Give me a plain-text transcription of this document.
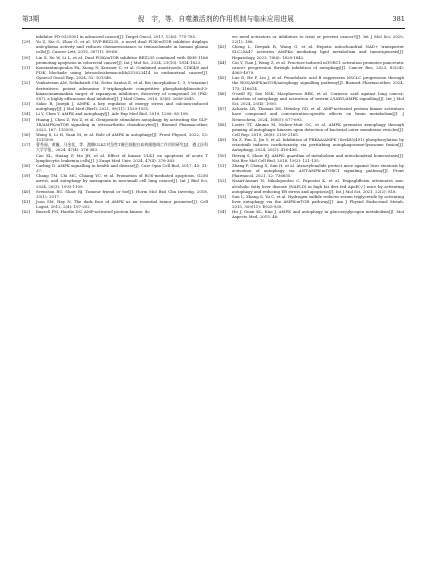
第3期	倪　宇，等．自噬激活剂的作用机制与临床应用进展	381
inhibitor PD-0325901 in advanced cancer[J]. Target Oncol, 2017, 12(6): 775-785.
[29]	Yu Z, Xie G, Zhou G, et al. NVP-BEZ235, a novel dual PI3K-mTOR inhibitor displays anti-glioma activity and reduces chemoresistance to temozolomide in human glioma cells[J]. Cancer Lett, 2015, 367(1): 58-68.
[30]	Lin X, Xu W, Li L, et al. Dual PI3K/mTOR inhibitor BEZ235 combined with BMS-1166 promoting apoptosis in colorectal cancer[J]. Int J Mol Sci, 2024, 21(10): 1814-1823.
[31]	Konstantinopoulos PA, Xiong N, Krasner C, et al. Combined anastrozole, CDK4/6 and PI3K blockade using letrozole/abemaciclib/LY3023414 in endometrial cancer[J]. Gynecol Oncol Rep, 2024, 52: 101348.
[32]	Venkatesan AM, Dehnhardt CM, Delos Santos E, et al. Bis (morpholino-1, 3, 5-triazine) derivatives: potent adenosine 5′-triphosphate competitive phosphatidylinositol-3-kinase/mammalian target of rapamycin inhibitors; discovery of compound 26 (PKI-587), a highly efficacious dual inhibitor[J]. J Med Chem, 2010, 53(6): 2636-2645.
[33]	Sakic R, Joseph J. AMPK: a key regulator of energy stress and calcium-induced autophagy[J]. J Mol Med (Berl), 2021, 99(11): 1539-1551.
[34]	Li Y, Chen Y. AMPK and autophagy[J]. Adv Exp Med Biol, 2019, 1206: 85-108.
[35]	Huang J, Chen Z, Wu Z, et al. Geniposide stimulates autophagy by activating the GLP-1R/AMPK/mTOR signaling in osteoarthritic chondrocytes[J]. Biomed Pharmacother, 2023, 167: 115595.
[36]	Wang S, Li H, Yuan M, et al. Role of AMPK in autophagy[J]. Front Physiol, 2022, 13: 1015500.
[37]	曹秀丽，黄巍，马金花，等．激酶ULK1对急性T淋巴细胞白血病细胞凋亡作用的研究[J]．遵义医科大学学报，2024, 47(4): 376-383.
Cao XL, Huang P, Ma JH, et al. Effect of kinase ULK1 on apoptosis of acute T lymphocytic leukemia cells[J]. J Zunyi Med Univ, 2024, 47(4): 376-383.
[38]	Carling D. AMPK signalling in health and disease[J]. Curr Opin Cell Biol, 2017, 45: 31-37.
[39]	Chang TM, Chi MC, Chiang YC, et al. Promotion of ROS-mediated apoptosis, G2/M arrest, and autophagy by naringenin in non-small cell lung cancer[J]. Int J Biol Sci, 2024, 20(3): 1093-1109.
[40]	Svensson RU, Shaw RJ. Tumour friend or foe[J]. Horm Mol Biol Clin Investig, 2018, 33(1): 2017.
[41]	Jeon SM, Hay N. The dark face of AMPK as an essential tumor promoter[J]. Cell Logist, 2012, 2(4): 197-202.
[42]	Russell FM, Hardie DG. AMP-activated protein kinase: do
we need activators or inhibitors to treat or prevent cancer?[J]. Int J Mol Sci, 2020, 22(1): 186.
[43]	Cheng L, Deepak R, Wang G, et al. Hepatic mitochondrial NAD+ transporter SLC25A47 activates AMPKα mediating lipid metabolism and tumorigenesis[J]. Hepatology, 2023, 78(6): 1828-1842.
[44]	Cui Y, Tian J, Wang Z, et al. Fructose-induced mTORC1 activation promotes pancreatic cancer progression through inhibition of autophagy[J]. Cancer Res, 2023, 83(24): 4063-4079.
[45]	Luo D, He F, Liu J, et al. Pseudolaric acid B suppresses NSCLC progression through the ROS/AMPK/mTOR/autophagy signalling pathway[J]. Biomed Pharmacother, 2024, 175: 116614.
[46]	O'neill EJ, Sze NSK, Macpherson REK, et al. Carnosic acid against lung cancer: induction of autophagy and activation of sestrin-2/LKB1/AMPK signalling[J]. Int J Mol Sci, 2024, 25(4): 1950.
[47]	Acharta LR, Thomas DS, Hensley GD, et al. AMP-activated protein kinase activators have compound and concentration-specific effects on brain metabolism[J]. J Neurochem, 2024, 168(5): 677-692.
[48]	Losier TT, Akuma M, Mckee-Muir OC, et al. AMPK promotes xenophagy through priming of autophagic kinases upon detection of bacterial outer membrane vesicles[J]. Cell Rep, 2019, 26(8): 2150-2165.
[49]	Xu Z, Pan Z, Jin Y, et al. Inhibition of PRKAA/AMPK (Ser485/491) phosphorylation by crizotinib induces cardiotoxicity via perturbing autophagosome-lysosome fusion[J]. Autophagy, 2024, 20(2): 416-436.
[50]	Herzig S, Shaw RJ. AMPK: guardian of metabolism and mitochondrial homeostasis[J]. Nat Rev Mol Cell Biol, 2018, 19(2): 121-135.
[51]	Zhang P, Cheng X, Sun H, et al. Atractylenolide protect mice against liver steatosis by activation of autophagy via ANT-AMPK-mTORC1 signaling pathway[J]. Front Pharmacol, 2021, 12: 736655.
[52]	Nasiri-Ansari N, Nikolopoulou C, Papoutsi K, et al. Empagliflozin attenuates non-alcoholic fatty liver disease (NAFLD) in high fat diet fed ApoE(-/-) mice by activating autophagy and reducing ER stress and apoptosis[J]. Int J Mol Sci, 2021, 22(2): 818.
[53]	Sun L, Zhang S, Yu C, et al. Hydrogen sulfide reduces serum triglyceride by activating liver autophagy via the AMPK-mTOR pathway[J]. Am J Physiol Endocrinol Metab, 2015, 309(11): E925-935.
[54]	Hu J, Guan KL, Kim J. AMPK and autophagy in glucose/glycogen metabolism[J]. Mol Aspects Med, 2015, 46:
